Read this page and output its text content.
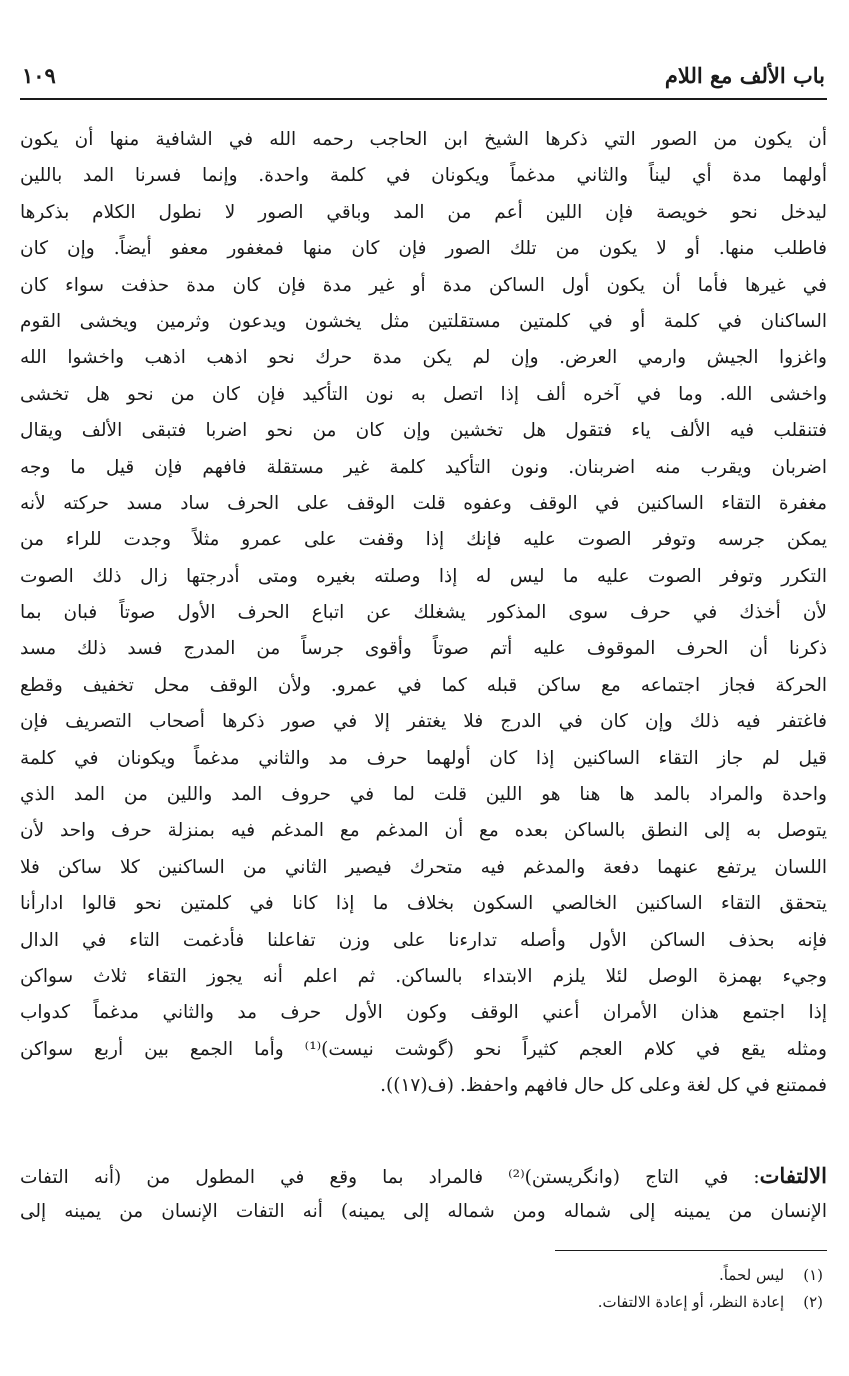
باب الألف مع اللام
١٠٩
أن يكون من الصور التي ذكرها الشيخ ابن الحاجب رحمه الله في الشافية منها أن يكون
أولهما مدة أي ليناً والثاني مدغماً ويكونان في كلمة واحدة. وإنما فسرنا المد باللين
ليدخل نحو خويصة فإن اللين أعم من المد وباقي الصور لا نطول الكلام بذكرها
فاطلب منها. أو لا يكون من تلك الصور فإن كان منها فمغفور معفو أيضاً. وإن كان
في غيرها فأما أن يكون أول الساكن مدة أو غير مدة فإن كان مدة حذفت سواء كان
الساكنان في كلمة أو في كلمتين مستقلتين مثل يخشون ويدعون وثرمين ويخشى القوم
واغزوا الجيش وارمي العرض. وإن لم يكن مدة حرك نحو اذهب اذهب واخشوا الله
واخشى الله. وما في آخره ألف إذا اتصل به نون التأكيد فإن كان من نحو هل تخشى
فتنقلب فيه الألف ياء فتقول هل تخشين وإن كان من نحو اضربا فتبقى الألف ويقال
اضربان ويقرب منه اضربنان. ونون التأكيد كلمة غير مستقلة فافهم فإن قيل ما وجه
مغفرة التقاء الساكنين في الوقف وعفوه قلت الوقف على الحرف ساد مسد حركته لأنه
يمكن جرسه وتوفر الصوت عليه فإنك إذا وقفت على عمرو مثلاً وجدت للراء من
التكرر وتوفر الصوت عليه ما ليس له إذا وصلته بغيره ومتى أدرجتها زال ذلك الصوت
لأن أخذك في حرف سوى المذكور يشغلك عن اتباع الحرف الأول صوتاً فبان بما
ذكرنا أن الحرف الموقوف عليه أتم صوتاً وأقوى جرساً من المدرج فسد ذلك مسد
الحركة فجاز اجتماعه مع ساكن قبله كما في عمرو. ولأن الوقف محل تخفيف وقطع
فاغتفر فيه ذلك وإن كان في الدرج فلا يغتفر إلا في صور ذكرها أصحاب التصريف فإن
قيل لم جاز التقاء الساكنين إذا كان أولهما حرف مد والثاني مدغماً ويكونان في كلمة
واحدة والمراد بالمد ها هنا هو اللين قلت لما في حروف المد واللين من المد الذي
يتوصل به إلى النطق بالساكن بعده مع أن المدغم مع المدغم فيه بمنزلة حرف واحد لأن
اللسان يرتفع عنهما دفعة والمدغم فيه متحرك فيصير الثاني من الساكنين كلا ساكن فلا
يتحقق التقاء الساكنين الخالصي السكون بخلاف ما إذا كانا في كلمتين نحو قالوا ادارأنا
فإنه بحذف الساكن الأول وأصله تدارءنا على وزن تفاعلنا فأدغمت التاء في الدال
وجيء بهمزة الوصل لئلا يلزم الابتداء بالساكن. ثم اعلم أنه يجوز التقاء ثلاث سواكن
إذا اجتمع هذان الأمران أعني الوقف وكون الأول حرف مد والثاني مدغماً كدواب
ومثله يقع في كلام العجم كثيراً نحو (گوشت نيست)⁽¹⁾ وأما الجمع بين أربع سواكن
فممتنع في كل لغة وعلى كل حال فافهم واحفظ. (ف(١٧)).
الالتفات: في التاج (وانگريستن)⁽²⁾ فالمراد بما وقع في المطول من (أنه التفات
الإنسان من يمينه إلى شماله ومن شماله إلى يمينه) أنه التفات الإنسان من يمينه إلى
(١) ليس لحماً.
(٢) إعادة النظر، أو إعادة الالتفات.
